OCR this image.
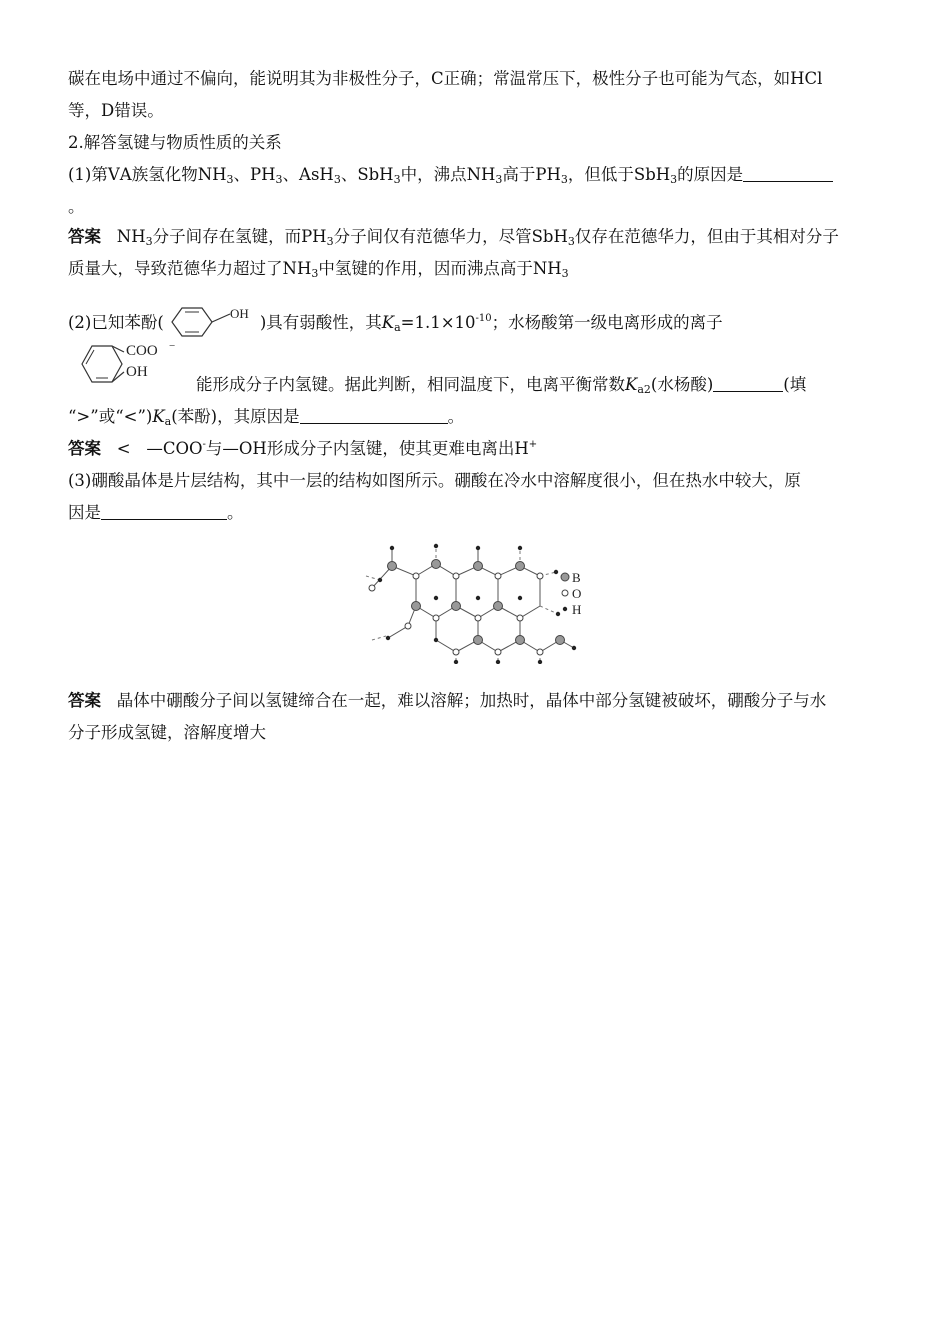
碳在电场中通过不偏向，能说明其为非极性分子，C正确；常温常压下，极性分子也可能为气态，如HCl
等，D错误。
2.解答氢键与物质性质的关系
(1)第ⅤA族氢化物$NH_3$、$PH_3$、AsH$_3$、SbH$_3$中，沸点$NH_3$高于$PH_3$，但低于SbH$_3$的原因是
。
答案 $NH_3$分子间存在氢键，而$PH_3$分子间仅有范德华力，尽管SbH$_3$仅存在范德华力，但由于其相对分子
质量大，导致范德华力超过了$NH_3$中氢键的作用，因而沸点高于$NH_3$
(2)已知苯酚(	OH )具有弱酸性，其$K_a=1.1\times 10^{-10}$；水杨酸第一级电离形成的离子
COO −
OH
能形成分子内氢键。据此判断，相同温度下，电离平衡常数$K_{a2}$(水杨酸)	(填
“>”或“$<”)K_a$(苯酚)，其原因是	。
答案 < —COO-与—OH形成分子内氢键，使其更难电离出H+
(3)硼酸晶体是片层结构，其中一层的结构如图所示。硼酸在冷水中溶解度很小，但在热水中较大，原
因是	。
B
O
H
答案 晶体中硼酸分子间以氢键缔合在一起，难以溶解；加热时，晶体中部分氢键被破坏，硼酸分子与水
分子形成氢键，溶解度增大
